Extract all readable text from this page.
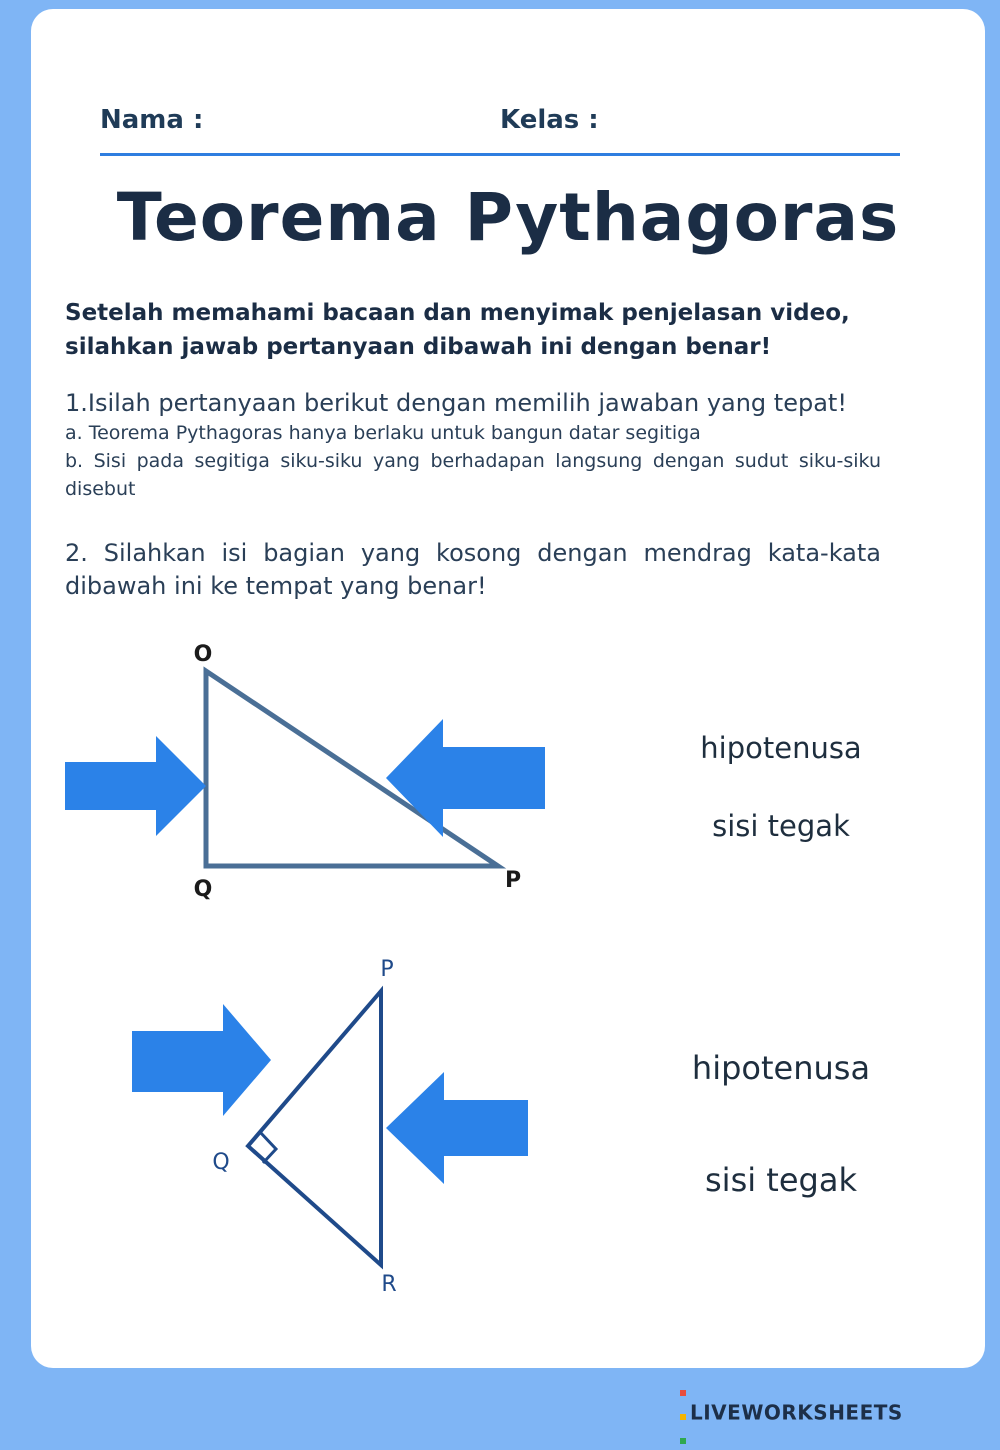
Nama :	Kelas :
Teorema Pythagoras
Setelah memahami bacaan dan menyimak penjelasan video, silahkan jawab pertanyaan dibawah ini dengan benar!
1.Isilah pertanyaan berikut dengan memilih jawaban yang tepat!
a. Teorema Pythagoras hanya berlaku untuk bangun datar segitiga
b. Sisi pada segitiga siku-siku yang berhadapan langsung dengan sudut siku-siku disebut
2. Silahkan isi bagian yang kosong dengan mendrag kata-kata dibawah ini ke tempat yang benar!
O
Q	P
hipotenusa
sisi tegak
P
Q
R
hipotenusa
sisi tegak

LIVEWORKSHEETS
